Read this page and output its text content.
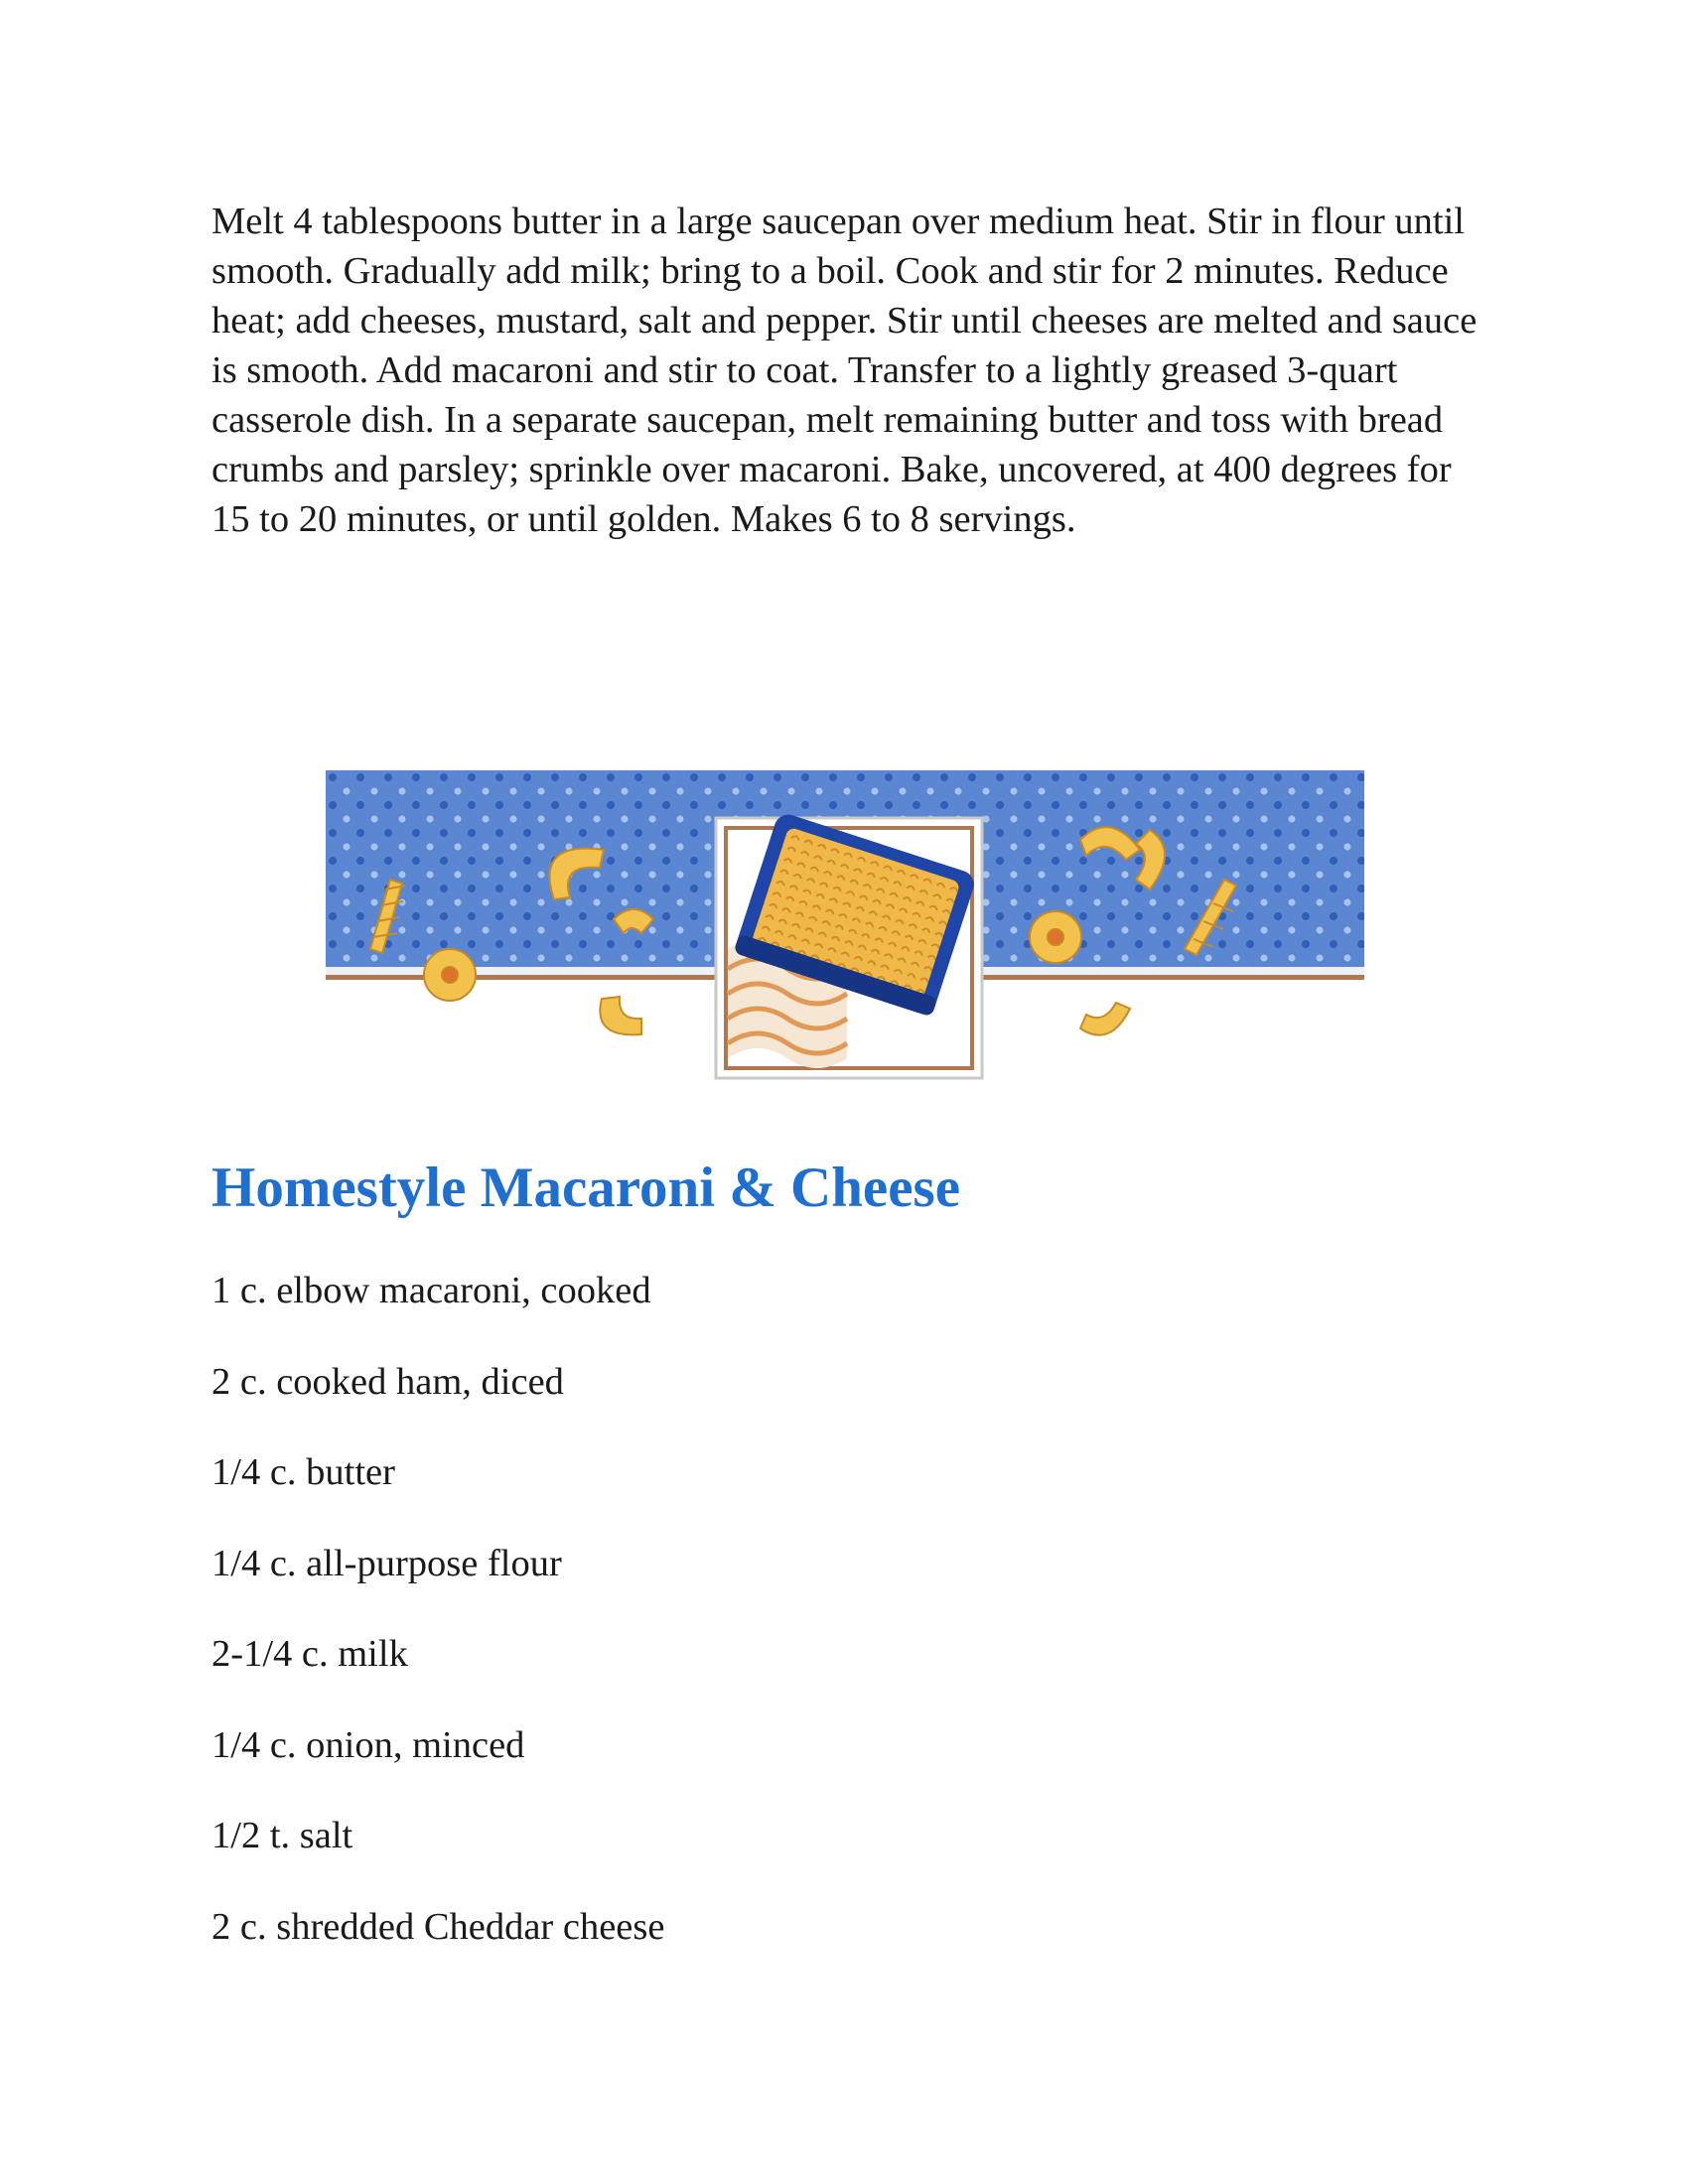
Melt 4 tablespoons butter in a large saucepan over medium heat. Stir in flour until smooth. Gradually add milk; bring to a boil. Cook and stir for 2 minutes. Reduce heat; add cheeses, mustard, salt and pepper. Stir until cheeses are melted and sauce is smooth. Add macaroni and stir to coat. Transfer to a lightly greased 3-quart casserole dish. In a separate saucepan, melt remaining butter and toss with bread crumbs and parsley; sprinkle over macaroni. Bake, uncovered, at 400 degrees for 15 to 20 minutes, or until golden. Makes 6 to 8 servings.

Homestyle Macaroni & Cheese
1 c. elbow macaroni, cooked
2 c. cooked ham, diced
1/4 c. butter
1/4 c. all-purpose flour
2-1/4 c. milk
1/4 c. onion, minced
1/2 t. salt
2 c. shredded Cheddar cheese
